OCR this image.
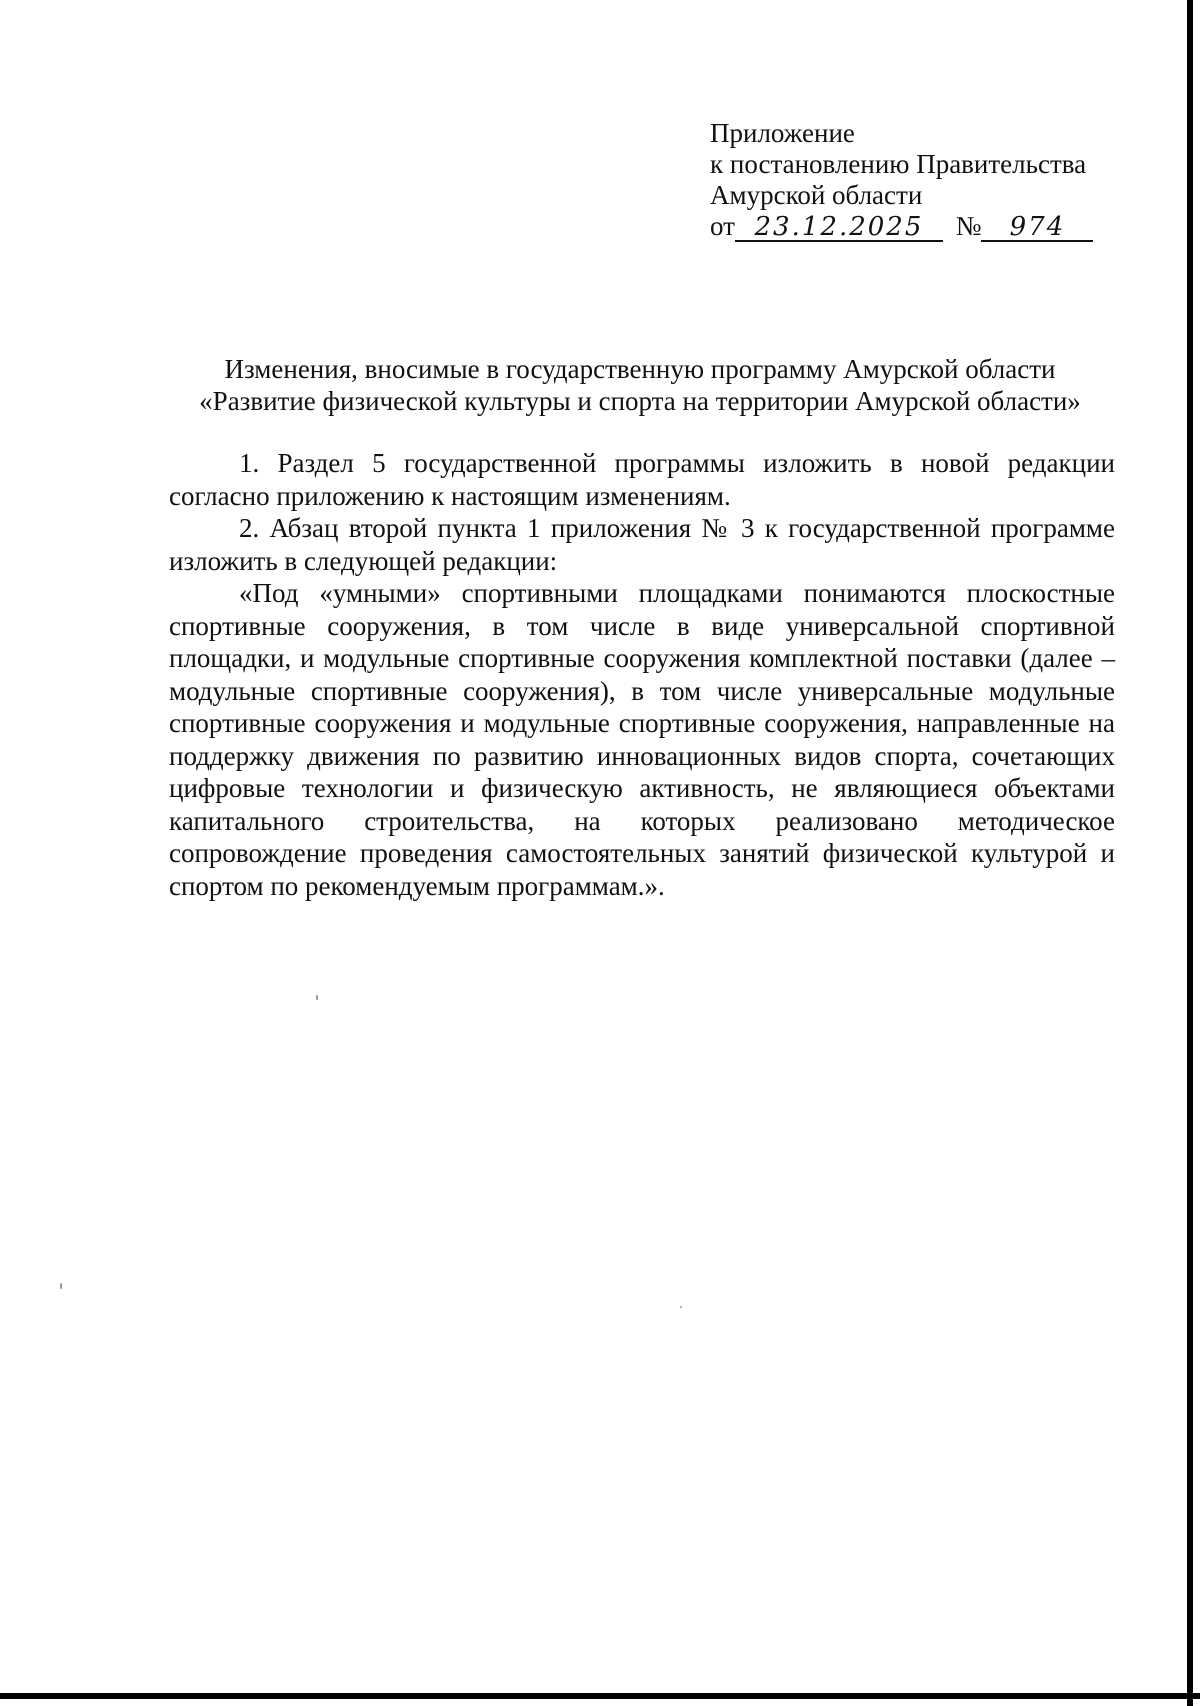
Приложение
к постановлению Правительства
Амурской области
от 23.12.2025 № 974
Изменения, вносимые в государственную программу Амурской области
«Развитие физической культуры и спорта на территории Амурской области»

1. Раздел 5 государственной программы изложить в новой редакции согласно приложению к настоящим изменениям.

2. Абзац второй пункта 1 приложения № 3 к государственной программе изложить в следующей редакции:

«Под «умными» спортивными площадками понимаются плоскостные спортивные сооружения, в том числе в виде универсальной спортивной площадки, и модульные спортивные сооружения комплектной поставки (далее – модульные спортивные сооружения), в том числе универсальные модульные спортивные сооружения и модульные спортивные сооружения, направленные на поддержку движения по развитию инновационных видов спорта, сочетающих цифровые технологии и физическую активность, не являющиеся объектами капитального строительства, на которых реализовано методическое сопровождение проведения самостоятельных занятий физической культурой и спортом по рекомендуемым программам.».
